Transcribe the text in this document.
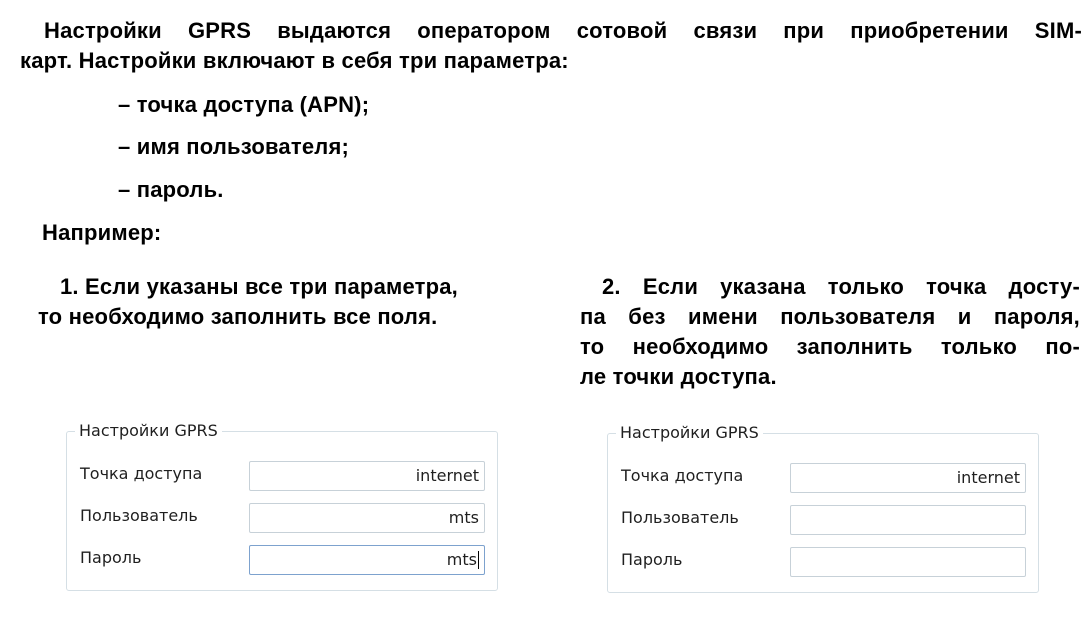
Настройки GPRS выдаются оператором сотовой связи при приобретении SIM-
карт. Настройки включают в себя три параметра:
– точка доступа (APN);
– имя пользователя;
– пароль.
Например:
1. Если указаны все три параметра,
то необходимо заполнить все поля.
2. Если указана только точка досту-
па без имени пользователя и пароля,
то необходимо заполнить только по-
ле точки доступа.
Настройки GPRS
Точка доступа	internet
Пользователь	mts
Пароль	mts
Настройки GPRS
Точка доступа	internet
Пользователь
Пароль
